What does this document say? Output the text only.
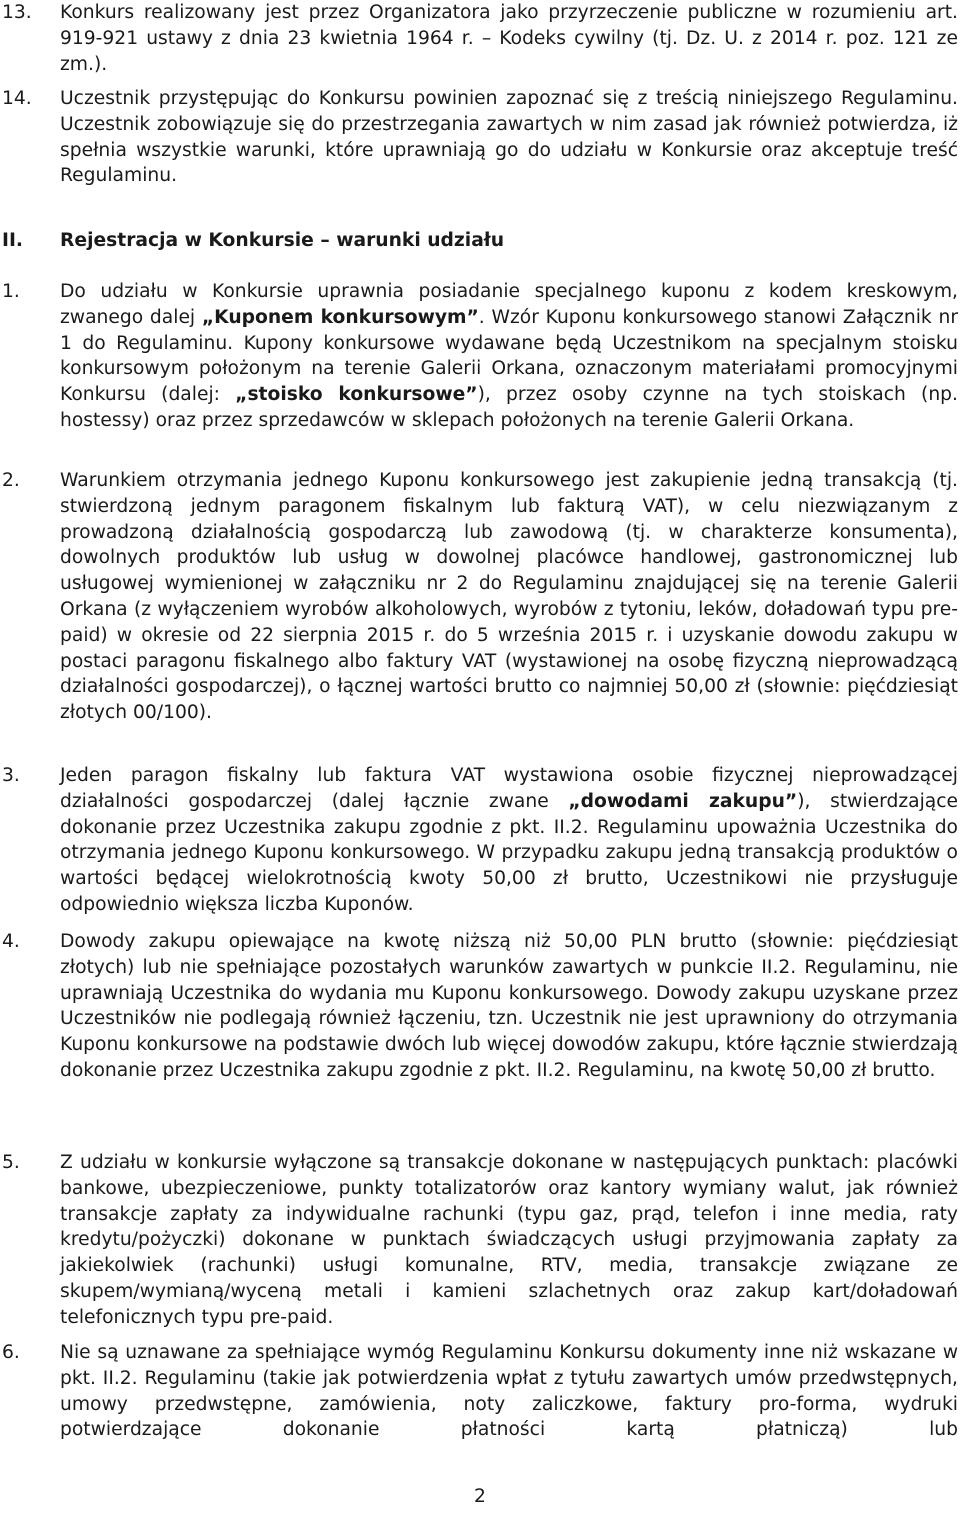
13. Konkurs realizowany jest przez Organizatora jako przyrzeczenie publiczne w rozumieniu art. 919-921 ustawy z dnia 23 kwietnia 1964 r. – Kodeks cywilny (tj. Dz. U. z 2014 r. poz. 121 ze zm.).
14. Uczestnik przystępując do Konkursu powinien zapoznać się z treścią niniejszego Regulaminu. Uczestnik zobowiązuje się do przestrzegania zawartych w nim zasad jak również potwierdza, iż spełnia wszystkie warunki, które uprawniają go do udziału w Konkursie oraz akceptuje treść Regulaminu.
II. Rejestracja w Konkursie – warunki udziału
1. Do udziału w Konkursie uprawnia posiadanie specjalnego kuponu z kodem kreskowym, zwanego dalej „Kuponem konkursowym”. Wzór Kuponu konkursowego stanowi Załącznik nr 1 do Regulaminu. Kupony konkursowe wydawane będą Uczestnikom na specjalnym stoisku konkursowym położonym na terenie Galerii Orkana, oznaczonym materiałami promocyjnymi Konkursu (dalej: „stoisko konkursowe”), przez osoby czynne na tych stoiskach (np. hostessy) oraz przez sprzedawców w sklepach położonych na terenie Galerii Orkana.
2. Warunkiem otrzymania jednego Kuponu konkursowego jest zakupienie jedną transakcją (tj. stwierdzoną jednym paragonem fiskalnym lub fakturą VAT), w celu niezwiązanym z prowadzoną działalnością gospodarczą lub zawodową (tj. w charakterze konsumenta), dowolnych produktów lub usług w dowolnej placówce handlowej, gastronomicznej lub usługowej wymienionej w załączniku nr 2 do Regulaminu znajdującej się na terenie Galerii Orkana (z wyłączeniem wyrobów alkoholowych, wyrobów z tytoniu, leków, doładowań typu pre-paid) w okresie od 22 sierpnia 2015 r. do 5 września 2015 r. i uzyskanie dowodu zakupu w postaci paragonu fiskalnego albo faktury VAT (wystawionej na osobę fizyczną nieprowadzącą działalności gospodarczej), o łącznej wartości brutto co najmniej 50,00 zł (słownie: pięćdziesiąt złotych 00/100).
3. Jeden paragon fiskalny lub faktura VAT wystawiona osobie fizycznej nieprowadzącej działalności gospodarczej (dalej łącznie zwane „dowodami zakupu”), stwierdzające dokonanie przez Uczestnika zakupu zgodnie z pkt. II.2. Regulaminu upoważnia Uczestnika do otrzymania jednego Kuponu konkursowego. W przypadku zakupu jedną transakcją produktów o wartości będącej wielokrotnością kwoty 50,00 zł brutto, Uczestnikowi nie przysługuje odpowiednio większa liczba Kuponów.
4. Dowody zakupu opiewające na kwotę niższą niż 50,00 PLN brutto (słownie: pięćdziesiąt złotych) lub nie spełniające pozostałych warunków zawartych w punkcie II.2. Regulaminu, nie uprawniają Uczestnika do wydania mu Kuponu konkursowego. Dowody zakupu uzyskane przez Uczestników nie podlegają również łączeniu, tzn. Uczestnik nie jest uprawniony do otrzymania Kuponu konkursowe na podstawie dwóch lub więcej dowodów zakupu, które łącznie stwierdzają dokonanie przez Uczestnika zakupu zgodnie z pkt. II.2. Regulaminu, na kwotę 50,00 zł brutto.
5. Z udziału w konkursie wyłączone są transakcje dokonane w następujących punktach: placówki bankowe, ubezpieczeniowe, punkty totalizatorów oraz kantory wymiany walut, jak również transakcje zapłaty za indywidualne rachunki (typu gaz, prąd, telefon i inne media, raty kredytu/pożyczki) dokonane w punktach świadczących usługi przyjmowania zapłaty za jakiekolwiek (rachunki) usługi komunalne, RTV, media, transakcje związane ze skupem/wymianą/wyceną metali i kamieni szlachetnych oraz zakup kart/doładowań telefonicznych typu pre-paid.
6. Nie są uznawane za spełniające wymóg Regulaminu Konkursu dokumenty inne niż wskazane w pkt. II.2. Regulaminu (takie jak potwierdzenia wpłat z tytułu zawartych umów przedwstępnych, umowy przedwstępne, zamówienia, noty zaliczkowe, faktury pro-forma, wydruki potwierdzające dokonanie płatności kartą płatniczą) lub
2
